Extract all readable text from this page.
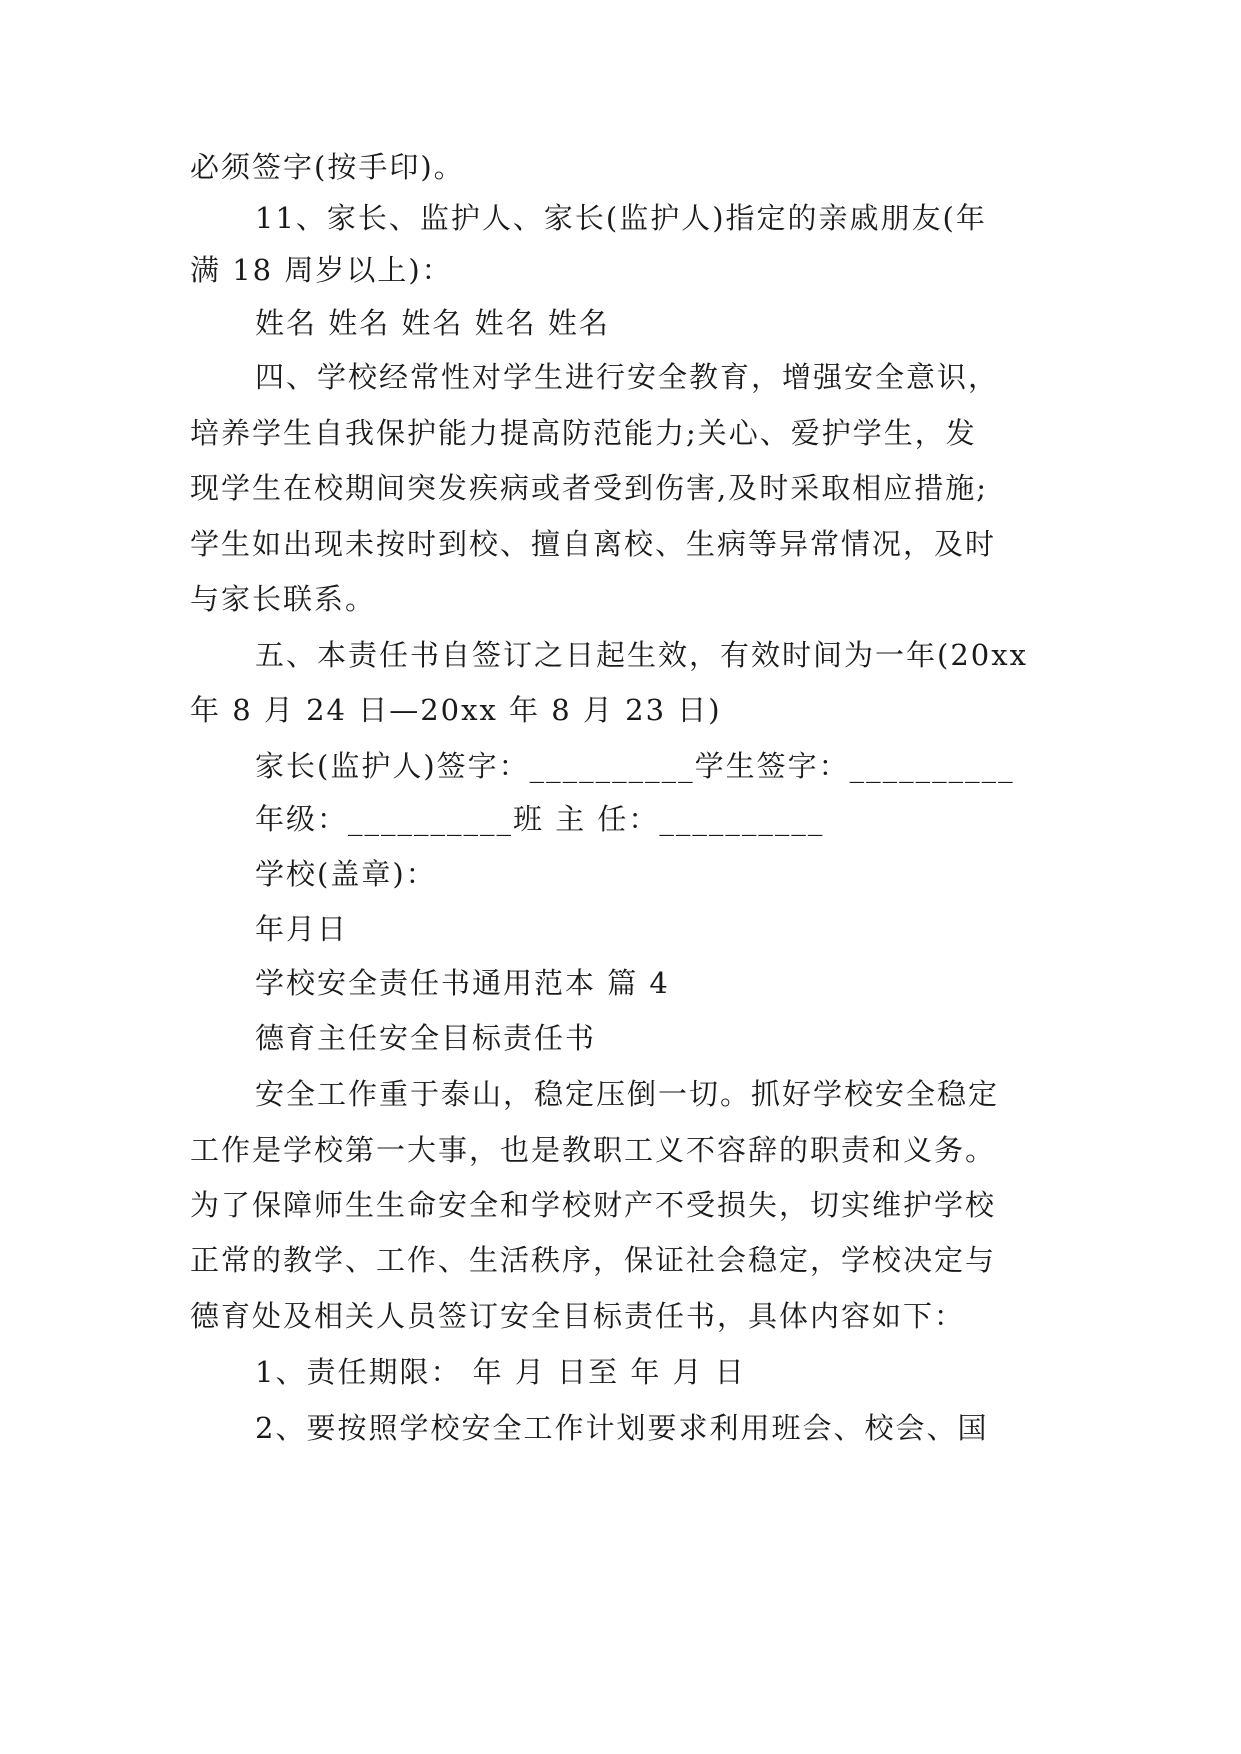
必须签字(按手印)。
11、家长、监护人、家长(监护人)指定的亲戚朋友(年
满 18 周岁以上)：
姓名 姓名 姓名 姓名 姓名
四、学校经常性对学生进行安全教育，增强安全意识，
培养学生自我保护能力提高防范能力;关心、爱护学生，发
现学生在校期间突发疾病或者受到伤害,及时采取相应措施;
学生如出现未按时到校、擅自离校、生病等异常情况，及时
与家长联系。
五、本责任书自签订之日起生效，有效时间为一年(20xx
年 8 月 24 日—20xx 年 8 月 23 日)
家长(监护人)签字：__________学生签字：__________
年级：__________班 主 任：__________
学校(盖章)：
年月日
学校安全责任书通用范本 篇 4
德育主任安全目标责任书
安全工作重于泰山，稳定压倒一切。抓好学校安全稳定
工作是学校第一大事，也是教职工义不容辞的职责和义务。
为了保障师生生命安全和学校财产不受损失，切实维护学校
正常的教学、工作、生活秩序，保证社会稳定，学校决定与
德育处及相关人员签订安全目标责任书，具体内容如下：
1、责任期限： 年 月 日至 年 月 日
2、要按照学校安全工作计划要求利用班会、校会、国
